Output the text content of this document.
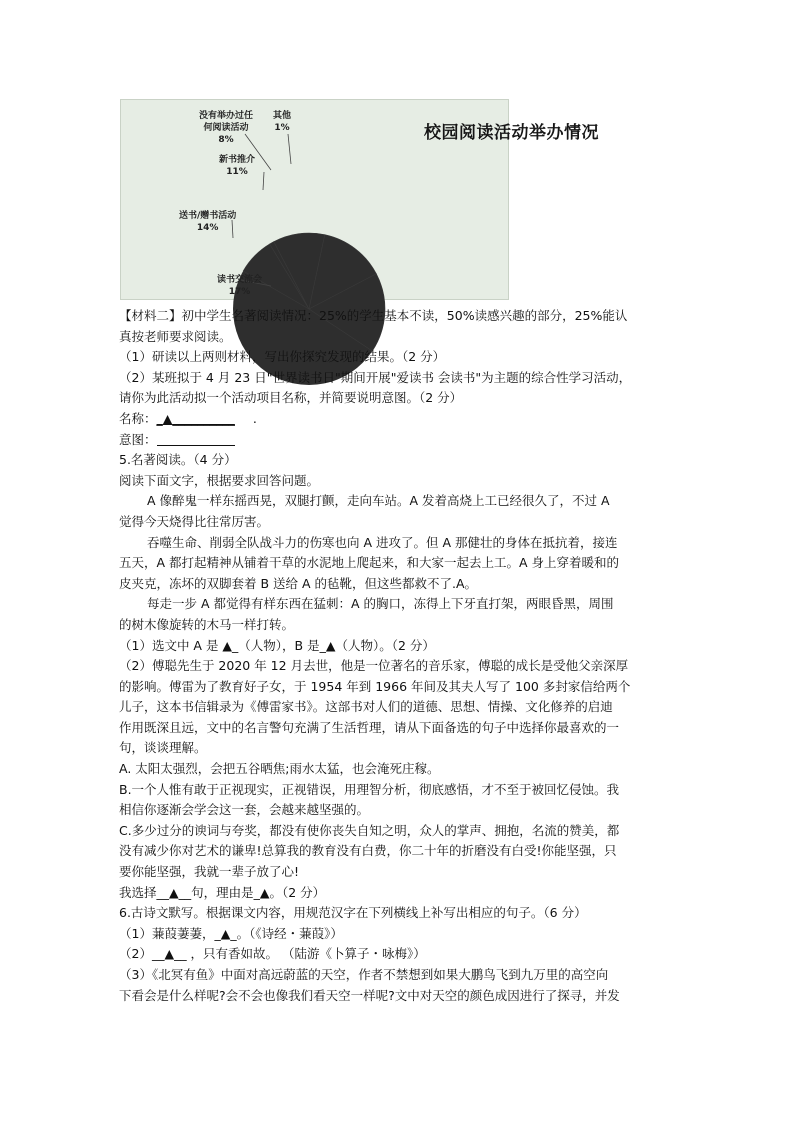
校园阅读活动举办情况
没有举办过任
何阅读活动
8%
其他
1%
新书推介
11%
送书/赠书活动
14%
读书交流会
17%

【材料二】初中学生名著阅读情况：25%的学生基本不读，50%读感兴趣的部分，25%能认

真按老师要求阅读。

（1）研读以上两则材料，写出你探究发现的结果。（2 分）

（2）某班拟于 4 月 23 日"世界读书日"期间开展"爱读书 会读书"为主题的综合性学习活动，

请你为此活动拟一个活动项目名称，并简要说明意图。（2 分）

名称：_▲__________ .

意图：

5.名著阅读。（4 分）

阅读下面文字，根据要求回答问题。

A 像醉鬼一样东摇西晃，双腿打颤，走向车站。A 发着高烧上工已经很久了，不过 A

觉得今天烧得比往常厉害。

吞噬生命、削弱全队战斗力的伤寒也向 A 进攻了。但 A 那健壮的身体在抵抗着，接连

五天，A 都打起精神从铺着干草的水泥地上爬起来，和大家一起去上工。A 身上穿着暖和的

皮夹克，冻坏的双脚套着 B 送给 A 的毡靴，但这些都救不了.A。

每走一步 A 都觉得有样东西在猛刺：A 的胸口，冻得上下牙直打架，两眼昏黑，周围

的树木像旋转的木马一样打转。

（1）选文中 A 是 ▲_（人物），B 是_▲（人物）。（2 分）

（2）傅聪先生于 2020 年 12 月去世，他是一位著名的音乐家，傅聪的成长是受他父亲深厚

的影响。傅雷为了教育好子女，于 1954 年到 1966 年间及其夫人写了 100 多封家信给两个

儿子，这本书信辑录为《傅雷家书》。这部书对人们的道德、思想、情操、文化修养的启迪

作用既深且远，文中的名言警句充满了生活哲理，请从下面备选的句子中选择你最喜欢的一

句，谈谈理解。

A. 太阳太强烈，会把五谷晒焦;雨水太猛，也会淹死庄稼。

B.一个人惟有敢于正视现实，正视错误，用理智分析，彻底感悟，才不至于被回忆侵蚀。我

相信你逐渐会学会这一套，会越来越坚强的。

C.多少过分的谀词与夸奖，都没有使你丧失自知之明，众人的掌声、拥抱，名流的赞美，都

没有减少你对艺术的谦卑!总算我的教育没有白费，你二十年的折磨没有白受!你能坚强，只

要你能坚强，我就一辈子放了心!

我选择__▲__句，理由是_▲。（2 分）

6.古诗文默写。根据课文内容，用规范汉字在下列横线上补写出相应的句子。（6 分）

（1）蒹葭萋萋，_▲_。（《诗经・蒹葭》）

（2）__▲__ ，只有香如故。 （陆游《卜算子・咏梅》）

（3）《北冥有鱼》中面对高远蔚蓝的天空，作者不禁想到如果大鹏鸟飞到九万里的高空向

下看会是什么样呢?会不会也像我们看天空一样呢?文中对天空的颜色成因进行了探寻，并发
